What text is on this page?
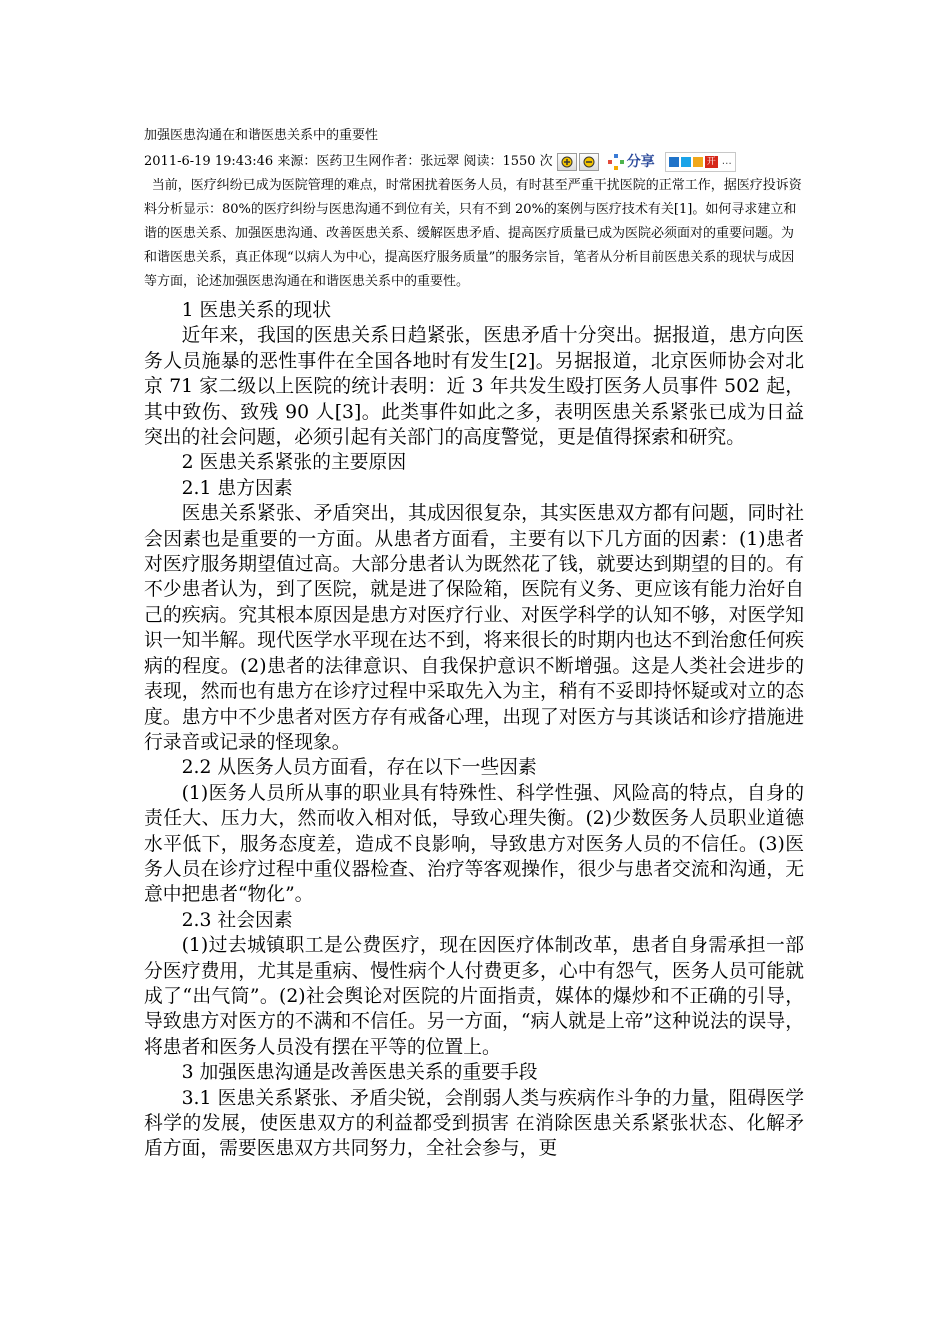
加强医患沟通在和谐医患关系中的重要性
2011-6-19 19:43:46 来源：医药卫生网作者：张远翠 阅读：1550 次	分享	开 …

当前，医疗纠纷已成为医院管理的难点，时常困扰着医务人员，有时甚至严重干扰医院的正常工作，据医疗投诉资料分析显示：80%的医疗纠纷与医患沟通不到位有关，只有不到 20%的案例与医疗技术有关[1]。如何寻求建立和谐的医患关系、加强医患沟通、改善医患关系、缓解医患矛盾、提高医疗质量已成为医院必须面对的重要问题。为和谐医患关系，真正体现“以病人为中心，提高医疗服务质量”的服务宗旨，笔者从分析目前医患关系的现状与成因等方面，论述加强医患沟通在和谐医患关系中的重要性。

1 医患关系的现状

近年来，我国的医患关系日趋紧张，医患矛盾十分突出。据报道，患方向医务人员施暴的恶性事件在全国各地时有发生[2]。另据报道，北京医师协会对北京 71 家二级以上医院的统计表明：近 3 年共发生殴打医务人员事件 502 起，其中致伤、致残 90 人[3]。此类事件如此之多，表明医患关系紧张已成为日益突出的社会问题，必须引起有关部门的高度警觉，更是值得探索和研究。

2 医患关系紧张的主要原因
2.1 患方因素

医患关系紧张、矛盾突出，其成因很复杂，其实医患双方都有问题，同时社会因素也是重要的一方面。从患者方面看，主要有以下几方面的因素：(1)患者对医疗服务期望值过高。大部分患者认为既然花了钱，就要达到期望的目的。有不少患者认为，到了医院，就是进了保险箱，医院有义务、更应该有能力治好自己的疾病。究其根本原因是患方对医疗行业、对医学科学的认知不够，对医学知识一知半解。现代医学水平现在达不到，将来很长的时期内也达不到治愈任何疾病的程度。(2)患者的法律意识、自我保护意识不断增强。这是人类社会进步的表现，然而也有患方在诊疗过程中采取先入为主，稍有不妥即持怀疑或对立的态度。患方中不少患者对医方存有戒备心理，出现了对医方与其谈话和诊疗措施进行录音或记录的怪现象。

2.2 从医务人员方面看，存在以下一些因素

(1)医务人员所从事的职业具有特殊性、科学性强、风险高的特点，自身的责任大、压力大，然而收入相对低，导致心理失衡。(2)少数医务人员职业道德水平低下，服务态度差，造成不良影响，导致患方对医务人员的不信任。(3)医务人员在诊疗过程中重仪器检查、治疗等客观操作，很少与患者交流和沟通，无意中把患者“物化”。

2.3 社会因素

(1)过去城镇职工是公费医疗，现在因医疗体制改革，患者自身需承担一部分医疗费用，尤其是重病、慢性病个人付费更多，心中有怨气，医务人员可能就成了“出气筒”。(2)社会舆论对医院的片面指责，媒体的爆炒和不正确的引导，导致患方对医方的不满和不信任。另一方面，“病人就是上帝”这种说法的误导，将患者和医务人员没有摆在平等的位置上。

3 加强医患沟通是改善医患关系的重要手段

3.1 医患关系紧张、矛盾尖锐，会削弱人类与疾病作斗争的力量，阻碍医学科学的发展，使医患双方的利益都受到损害 在消除医患关系紧张状态、化解矛盾方面，需要医患双方共同努力，全社会参与，更
